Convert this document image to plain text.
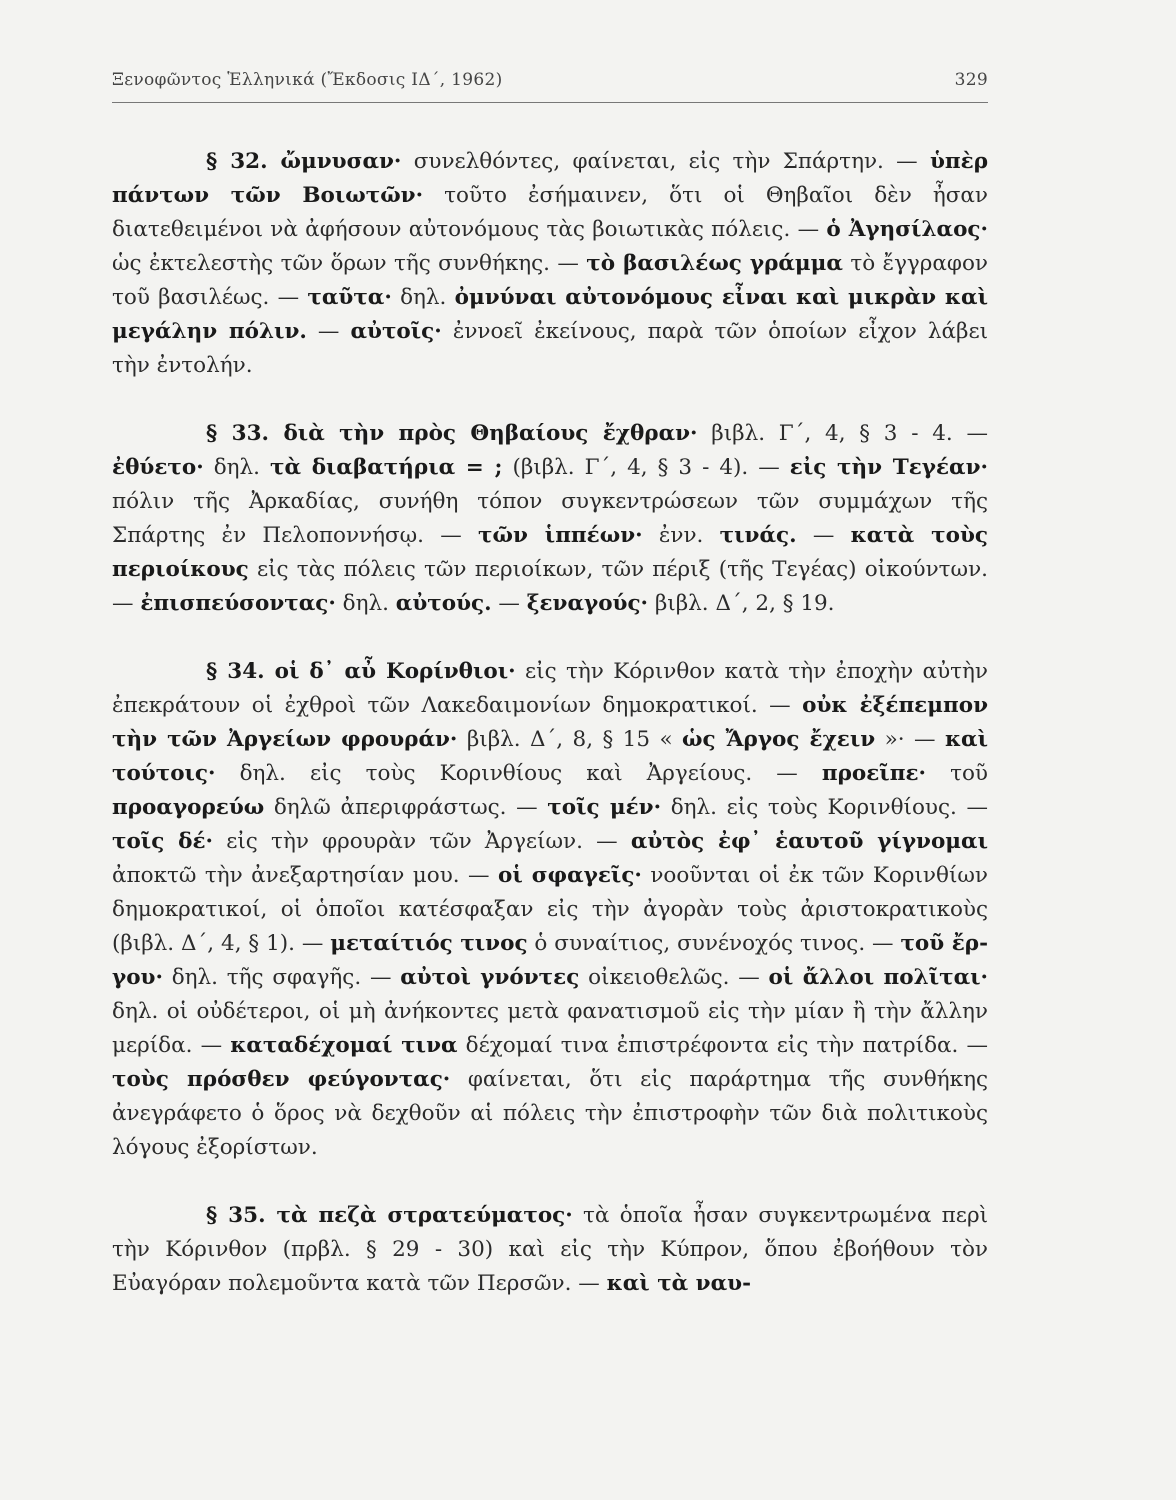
Ξενοφῶντος Ἑλληνικά (Ἔκδοσις ΙΔ΄, 1962)	329

§ 32. ὤμνυσαν· συνελθόντες, φαίνεται, εἰς τὴν Σπάρτην. — ὑπὲρ πάντων τῶν Βοιωτῶν· τοῦτο ἐσήμαινεν, ὅτι οἱ Θηβαῖοι δὲν ἦσαν διατεθειμένοι νὰ ἀφήσουν αὐτονόμους τὰς βοιωτικὰς πόλεις. — ὁ Ἀγησίλαος· ὡς ἐκτελεστὴς τῶν ὅρων τῆς συνθήκης. — τὸ βασιλέως γράμμα τὸ ἔγγραφον τοῦ βασιλέως. — ταῦτα· δηλ. ὀμνύναι αὐτονόμους εἶναι καὶ μικρὰν καὶ μεγάλην πόλιν. — αὐτοῖς· ἐννοεῖ ἐκείνους, παρὰ τῶν ὁποίων εἶχον λάβει τὴν ἐντολήν.

§ 33. διὰ τὴν πρὸς Θηβαίους ἔχθραν· βιβλ. Γ΄, 4, § 3 - 4. — ἐθύετο· δηλ. τὰ διαβατήρια = ; (βιβλ. Γ΄, 4, § 3 - 4). — εἰς τὴν Τεγέαν· πόλιν τῆς Ἀρκαδίας, συνήθη τόπον συγκεντρώσεων τῶν συμμάχων τῆς Σπάρτης ἐν Πελοποννήσῳ. — τῶν ἱππέων· ἐνν. τινάς. — κατὰ τοὺς περιοίκους εἰς τὰς πόλεις τῶν περιοίκων, τῶν πέριξ (τῆς Τεγέας) οἰκούντων. — ἐπισπεύσοντας· δηλ. αὐτούς. — ξεναγούς· βιβλ. Δ΄, 2, § 19.

§ 34. οἱ δ᾽ αὖ Κορίνθιοι· εἰς τὴν Κόρινθον κατὰ τὴν ἐποχὴν αὐτὴν ἐπεκράτουν οἱ ἐχθροὶ τῶν Λακεδαιμονίων δημοκρατικοί. — οὐκ ἐξέπεμπον τὴν τῶν Ἀργείων φρουράν· βιβλ. Δ΄, 8, § 15 « ὡς Ἄργος ἔχειν »· — καὶ τούτοις· δηλ. εἰς τοὺς Κορινθίους καὶ Ἀργείους. — προεῖπε· τοῦ προαγορεύω δηλῶ ἀπεριφράστως. — τοῖς μέν· δηλ. εἰς τοὺς Κορινθίους. — τοῖς δέ· εἰς τὴν φρουρὰν τῶν Ἀργείων. — αὐτὸς ἐφ᾽ ἑαυτοῦ γίγνομαι ἀποκτῶ τὴν ἀνεξαρτησίαν μου. — οἱ σφαγεῖς· νοοῦνται οἱ ἐκ τῶν Κορινθίων δημοκρατικοί, οἱ ὁποῖοι κατέσφαξαν εἰς τὴν ἀγορὰν τοὺς ἀριστοκρατικοὺς (βιβλ. Δ΄, 4, § 1). — μεταίτιός τινος ὁ συναίτιος, συνένοχός τινος. — τοῦ ἔργου· δηλ. τῆς σφαγῆς. — αὐτοὶ γνόντες οἰκειοθελῶς. — οἱ ἄλλοι πολῖται· δηλ. οἱ οὐδέτεροι, οἱ μὴ ἀνήκοντες μετὰ φανατισμοῦ εἰς τὴν μίαν ἢ τὴν ἄλλην μερίδα. — καταδέχομαί τινα δέχομαί τινα ἐπιστρέφοντα εἰς τὴν πατρίδα. — τοὺς πρόσθεν φεύγοντας· φαίνεται, ὅτι εἰς παράρτημα τῆς συνθήκης ἀνεγράφετο ὁ ὅρος νὰ δεχθοῦν αἱ πόλεις τὴν ἐπιστροφὴν τῶν διὰ πολιτικοὺς λόγους ἐξορίστων.

§ 35. τὰ πεζὰ στρατεύματος· τὰ ὁποῖα ἦσαν συγκεντρωμένα περὶ τὴν Κόρινθον (πρβλ. § 29 - 30) καὶ εἰς τὴν Κύπρον, ὅπου ἐβοήθουν τὸν Εὐαγόραν πολεμοῦντα κατὰ τῶν Περσῶν. — καὶ τὰ ναυ-
